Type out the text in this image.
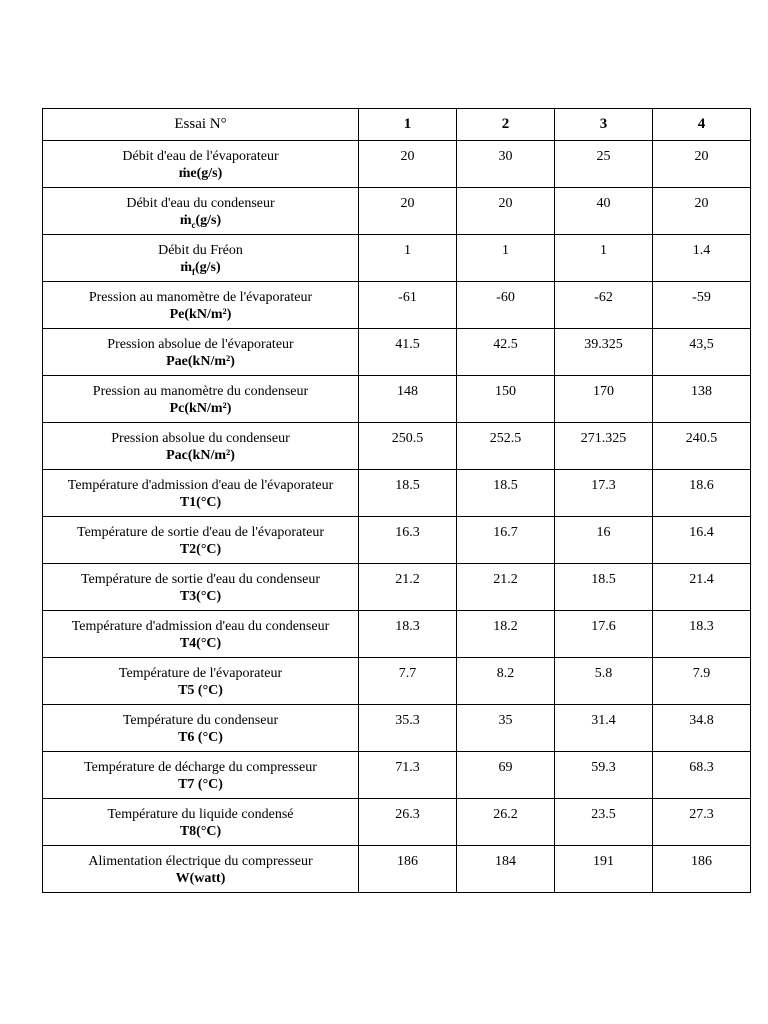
Essai N°	1	2	3	4

Débit d'eau de l'évaporateur
ṁe(g/s)	20	30	25	20

Débit d'eau du condenseur
ṁ$_c$(g/s)	20	20	40	20

Débit du Fréon
ṁ$_f$(g/s)	1	1	1	1.4

Pression au manomètre de l'évaporateur
Pe(kN/m²)	-61	-60	-62	-59

Pression absolue de l'évaporateur
Pae(kN/m²)	41.5	42.5	39.325	43,5

Pression au manomètre du condenseur
Pc(kN/m²)	148	150	170	138

Pression absolue du condenseur
Pac(kN/m²)	250.5	252.5	271.325	240.5

Température d'admission d'eau de l'évaporateur
T1(°C)	18.5	18.5	17.3	18.6

Température de sortie d'eau de l'évaporateur
T2(°C)	16.3	16.7	16	16.4

Température de sortie d'eau du condenseur
T3(°C)	21.2	21.2	18.5	21.4

Température d'admission d'eau du condenseur
T4(°C)	18.3	18.2	17.6	18.3

Température de l'évaporateur
T5 (°C)	7.7	8.2	5.8	7.9

Température du condenseur
T6 (°C)	35.3	35	31.4	34.8

Température de décharge du compresseur
T7 (°C)	71.3	69	59.3	68.3

Température du liquide condensé
T8(°C)	26.3	26.2	23.5	27.3

Alimentation électrique du compresseur
W(watt)	186	184	191	186
